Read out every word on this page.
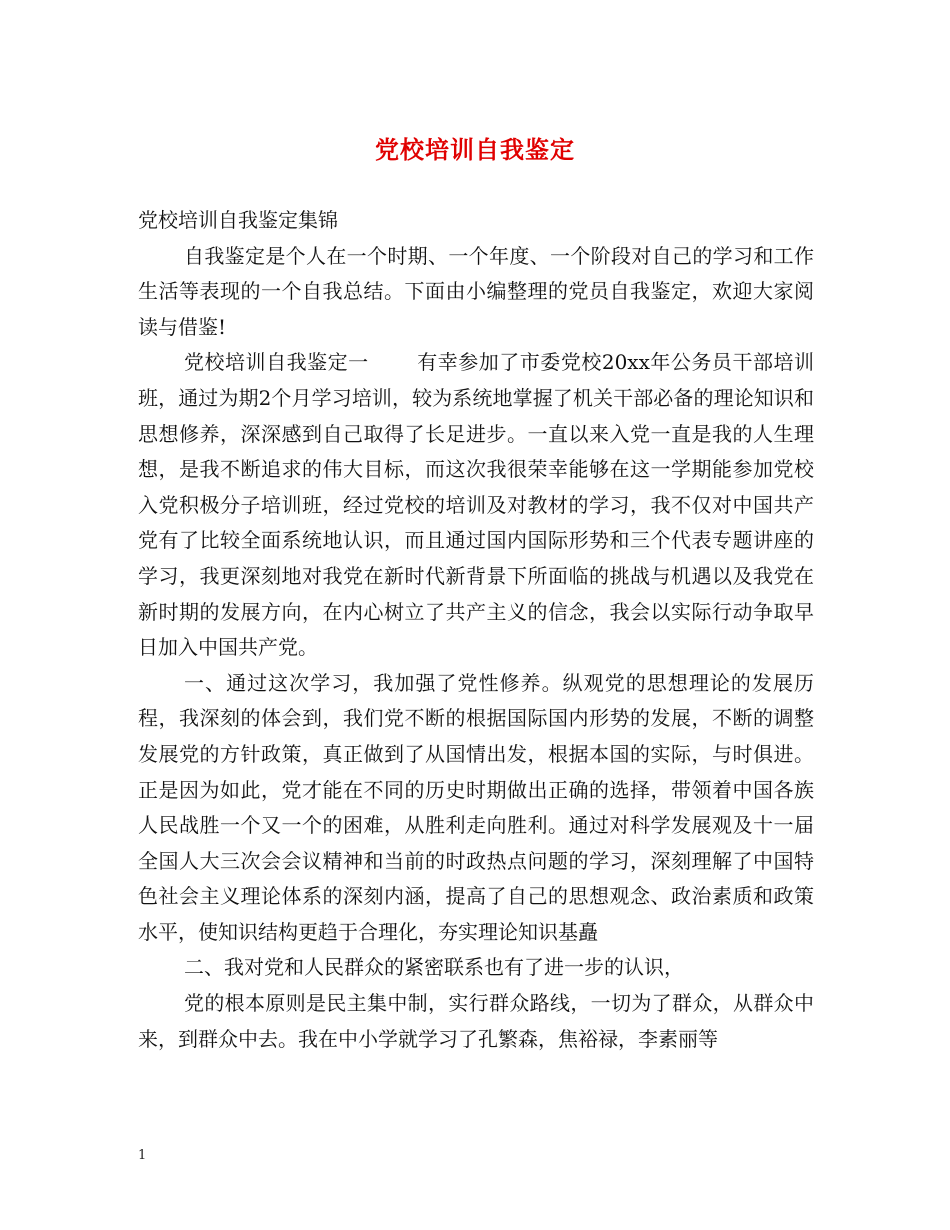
党校培训自我鉴定

党校培训自我鉴定集锦

自我鉴定是个人在一个时期、一个年度、一个阶段对自己的学习和工作生活等表现的一个自我总结。下面由小编整理的党员自我鉴定，欢迎大家阅读与借鉴!

党校培训自我鉴定一 有幸参加了市委党校20xx年公务员干部培训班，通过为期2个月学习培训，较为系统地掌握了机关干部必备的理论知识和思想修养，深深感到自己取得了长足进步。一直以来入党一直是我的人生理想，是我不断追求的伟大目标，而这次我很荣幸能够在这一学期能参加党校入党积极分子培训班，经过党校的培训及对教材的学习，我不仅对中国共产党有了比较全面系统地认识，而且通过国内国际形势和三个代表专题讲座的学习，我更深刻地对我党在新时代新背景下所面临的挑战与机遇以及我党在新时期的发展方向，在内心树立了共产主义的信念，我会以实际行动争取早日加入中国共产党。

一、通过这次学习，我加强了党性修养。纵观党的思想理论的发展历程，我深刻的体会到，我们党不断的根据国际国内形势的发展，不断的调整发展党的方针政策，真正做到了从国情出发，根据本国的实际，与时俱进。正是因为如此，党才能在不同的历史时期做出正确的选择，带领着中国各族人民战胜一个又一个的困难，从胜利走向胜利。通过对科学发展观及十一届全国人大三次会会议精神和当前的时政热点问题的学习，深刻理解了中国特色社会主义理论体系的深刻内涵，提高了自己的思想观念、政治素质和政策水平，使知识结构更趋于合理化，夯实理论知识基矗

二、我对党和人民群众的紧密联系也有了进一步的认识，

党的根本原则是民主集中制，实行群众路线，一切为了群众，从群众中来，到群众中去。我在中小学就学习了孔繁森，焦裕禄，李素丽等

1
